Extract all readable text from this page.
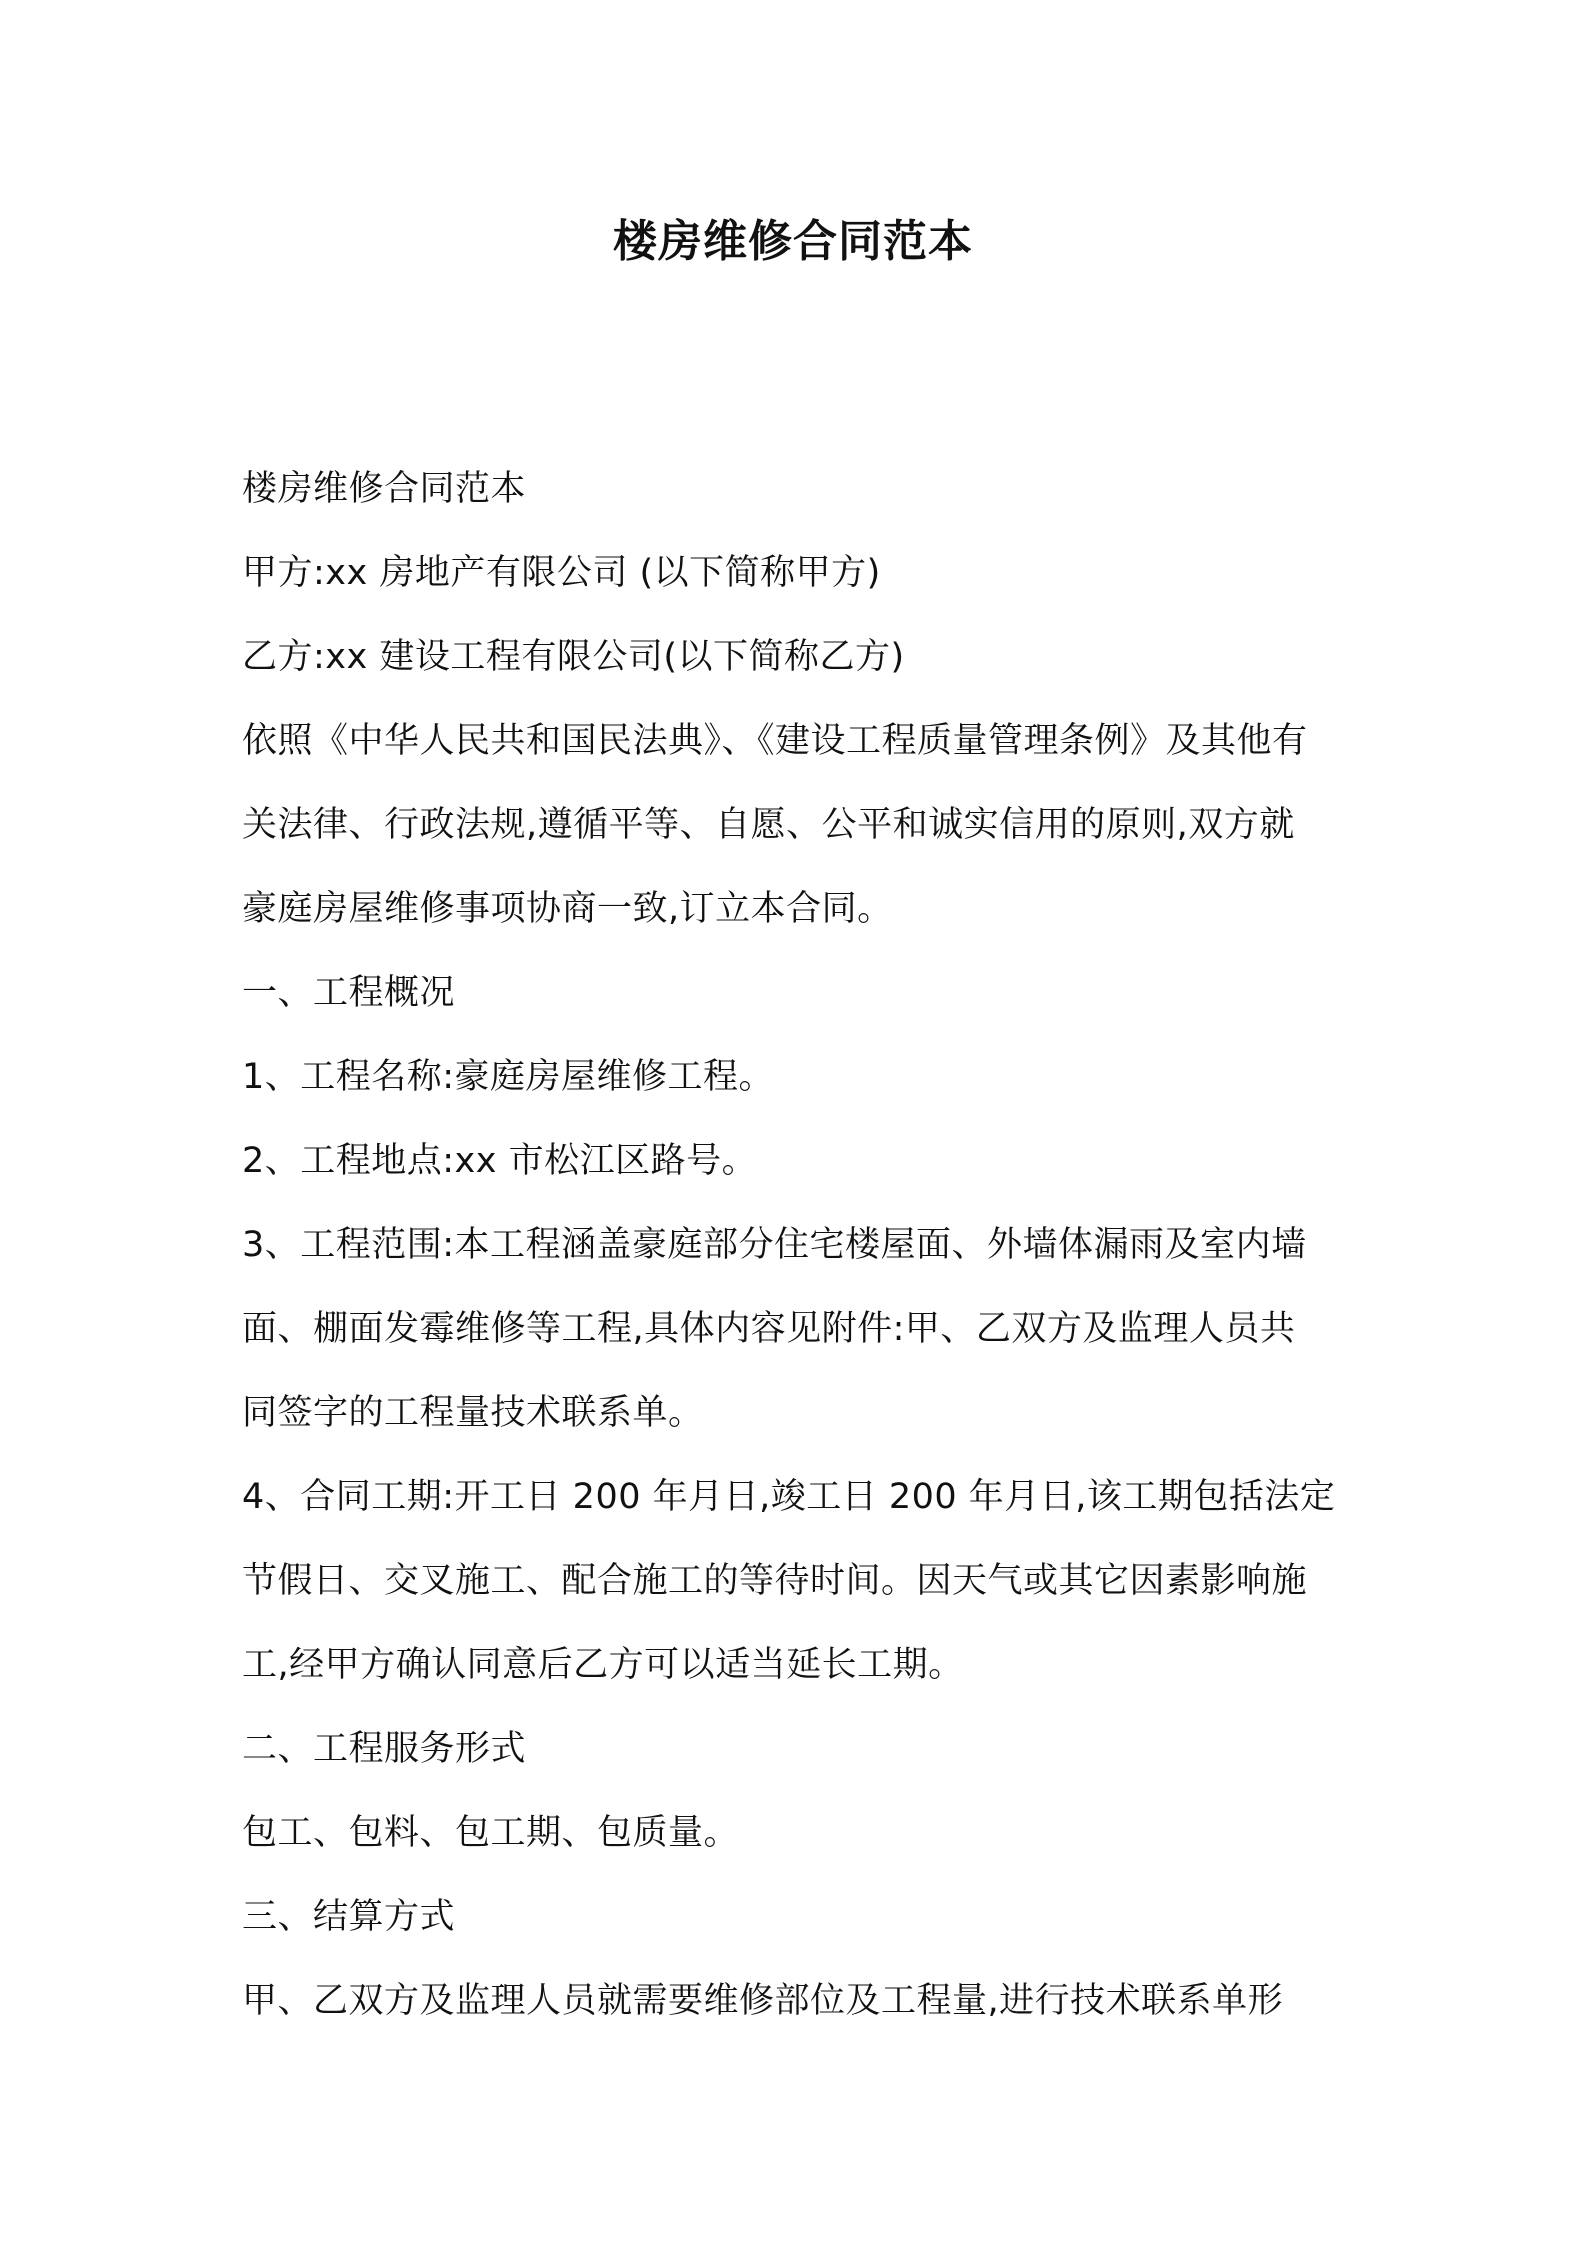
楼房维修合同范本
楼房维修合同范本
甲方:xx 房地产有限公司 (以下简称甲方)
乙方:xx 建设工程有限公司(以下简称乙方)
依照《中华人民共和国民法典》、《建设工程质量管理条例》及其他有
关法律、行政法规,遵循平等、自愿、公平和诚实信用的原则,双方就
豪庭房屋维修事项协商一致,订立本合同。
一、工程概况
1、工程名称:豪庭房屋维修工程。
2、工程地点:xx 市松江区路号。
3、工程范围:本工程涵盖豪庭部分住宅楼屋面、外墙体漏雨及室内墙
面、棚面发霉维修等工程,具体内容见附件:甲、乙双方及监理人员共
同签字的工程量技术联系单。
4、合同工期:开工日 200 年月日,竣工日 200 年月日,该工期包括法定
节假日、交叉施工、配合施工的等待时间。因天气或其它因素影响施
工,经甲方确认同意后乙方可以适当延长工期。
二、工程服务形式
包工、包料、包工期、包质量。
三、结算方式
甲、乙双方及监理人员就需要维修部位及工程量,进行技术联系单形
